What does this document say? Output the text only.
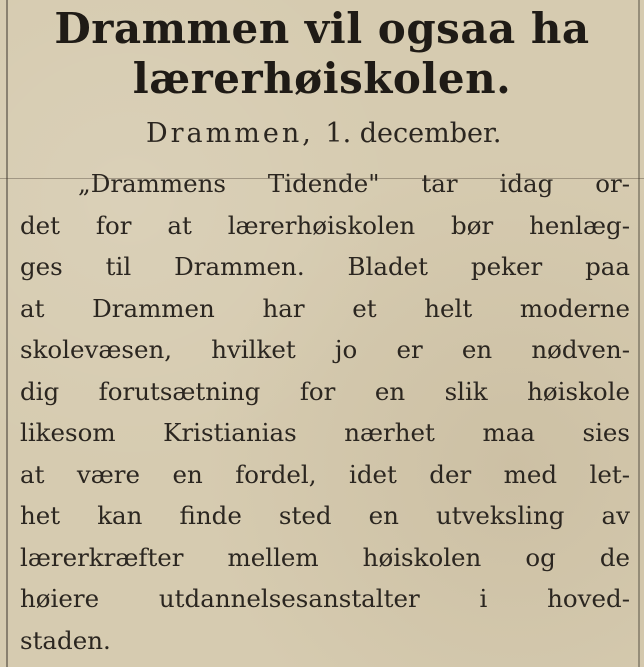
Drammen vil ogsaa ha
lærerhøiskolen.
Drammen, 1. december.
„Drammens Tidende" tar idag or-
det for at lærerhøiskolen bør henlæg-
ges til Drammen. Bladet peker paa
at Drammen har et helt moderne
skolevæsen, hvilket jo er en nødven-
dig forutsætning for en slik høiskole
likesom Kristianias nærhet maa sies
at være en fordel, idet der med let-
het kan finde sted en utveksling av
lærerkræfter mellem høiskolen og de
høiere utdannelsesanstalter i hoved-
staden.
